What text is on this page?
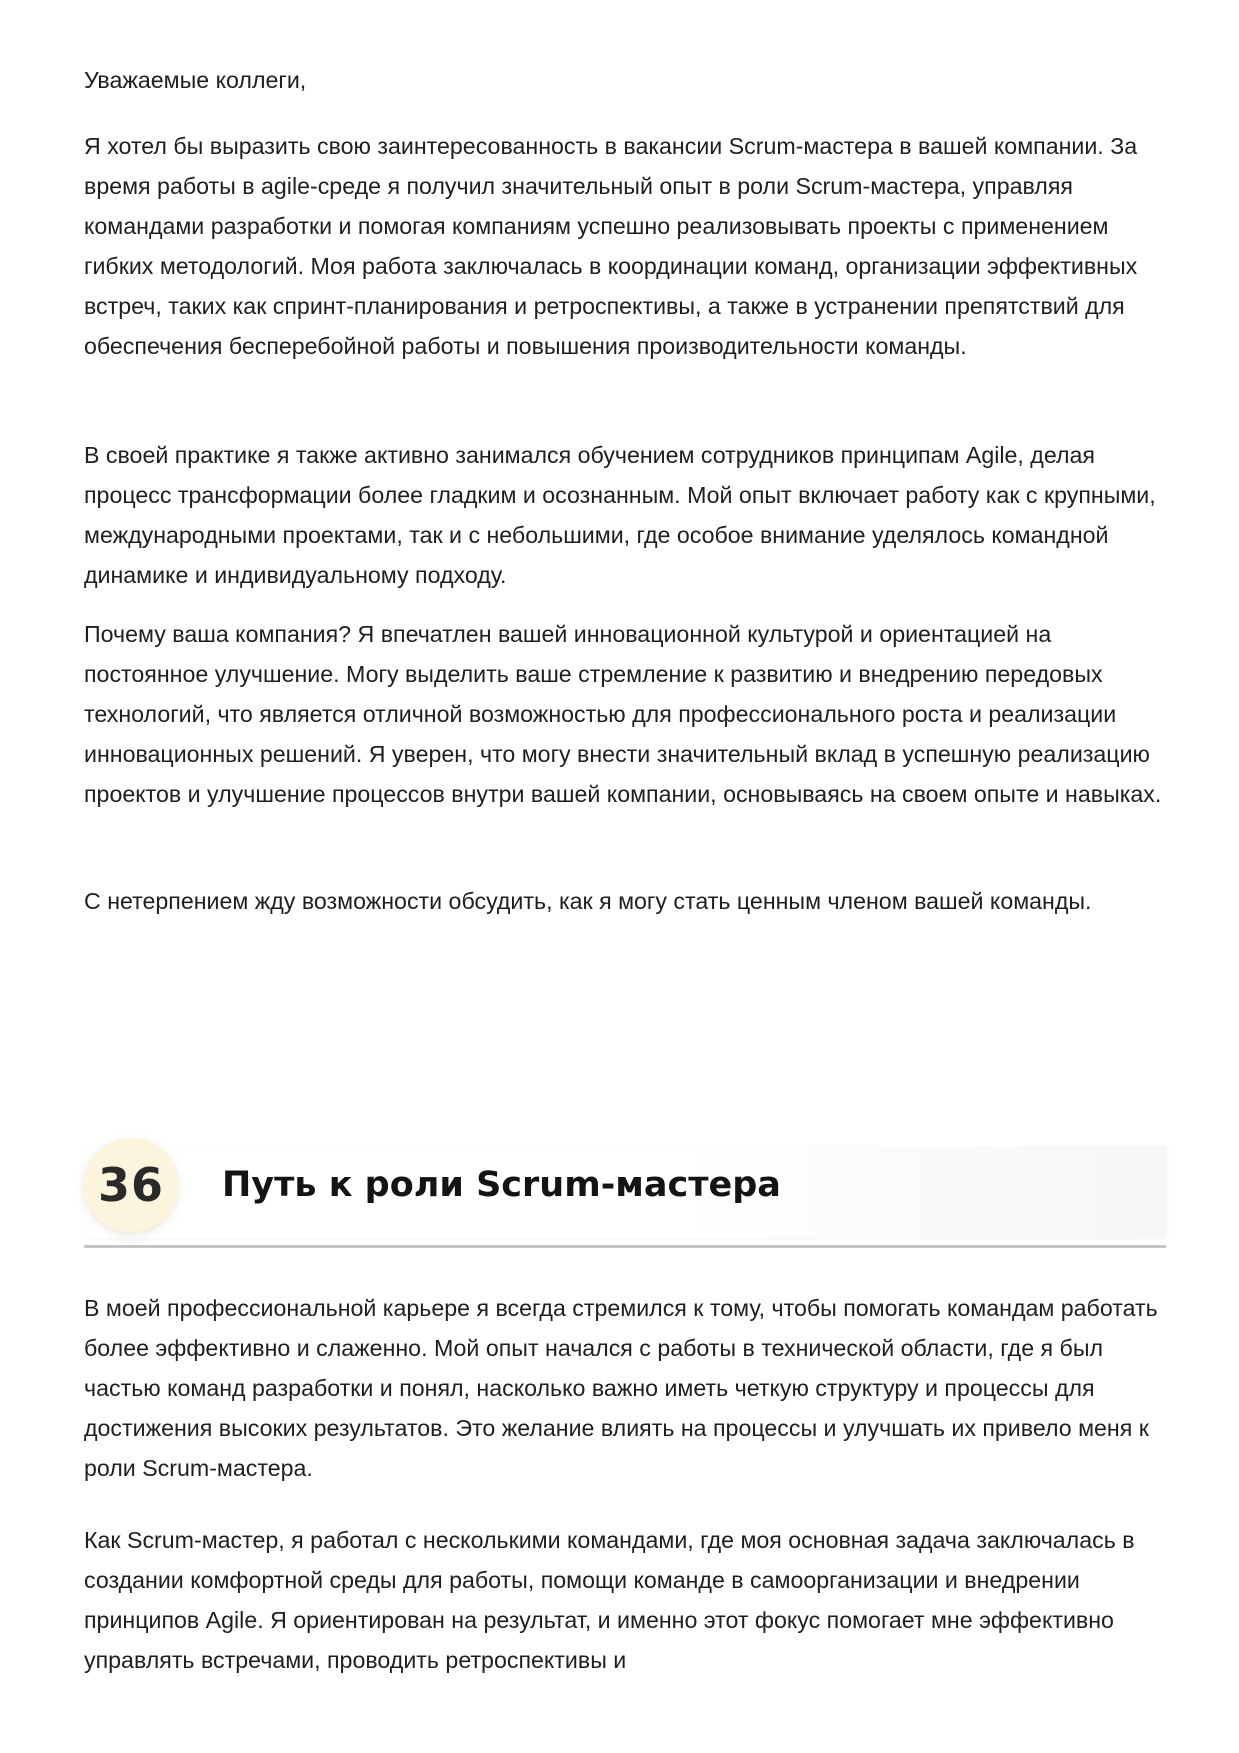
Уважаемые коллеги,

Я хотел бы выразить свою заинтересованность в вакансии Scrum-мастера в вашей компании. За время работы в agile-среде я получил значительный опыт в роли Scrum-мастера, управляя командами разработки и помогая компаниям успешно реализовывать проекты с применением гибких методологий. Моя работа заключалась в координации команд, организации эффективных встреч, таких как спринт-планирования и ретроспективы, а также в устранении препятствий для обеспечения бесперебойной работы и повышения производительности команды.

В своей практике я также активно занимался обучением сотрудников принципам Agile, делая процесс трансформации более гладким и осознанным. Мой опыт включает работу как с крупными, международными проектами, так и с небольшими, где особое внимание уделялось командной динамике и индивидуальному подходу.

Почему ваша компания? Я впечатлен вашей инновационной культурой и ориентацией на постоянное улучшение. Могу выделить ваше стремление к развитию и внедрению передовых технологий, что является отличной возможностью для профессионального роста и реализации инновационных решений. Я уверен, что могу внести значительный вклад в успешную реализацию проектов и улучшение процессов внутри вашей компании, основываясь на своем опыте и навыках.

С нетерпением жду возможности обсудить, как я могу стать ценным членом вашей команды.

36 Путь к роли Scrum-мастера

В моей профессиональной карьере я всегда стремился к тому, чтобы помогать командам работать более эффективно и слаженно. Мой опыт начался с работы в технической области, где я был частью команд разработки и понял, насколько важно иметь четкую структуру и процессы для достижения высоких результатов. Это желание влиять на процессы и улучшать их привело меня к роли Scrum-мастера.

Как Scrum-мастер, я работал с несколькими командами, где моя основная задача заключалась в создании комфортной среды для работы, помощи команде в самоорганизации и внедрении принципов Agile. Я ориентирован на результат, и именно этот фокус помогает мне эффективно управлять встречами, проводить ретроспективы и
